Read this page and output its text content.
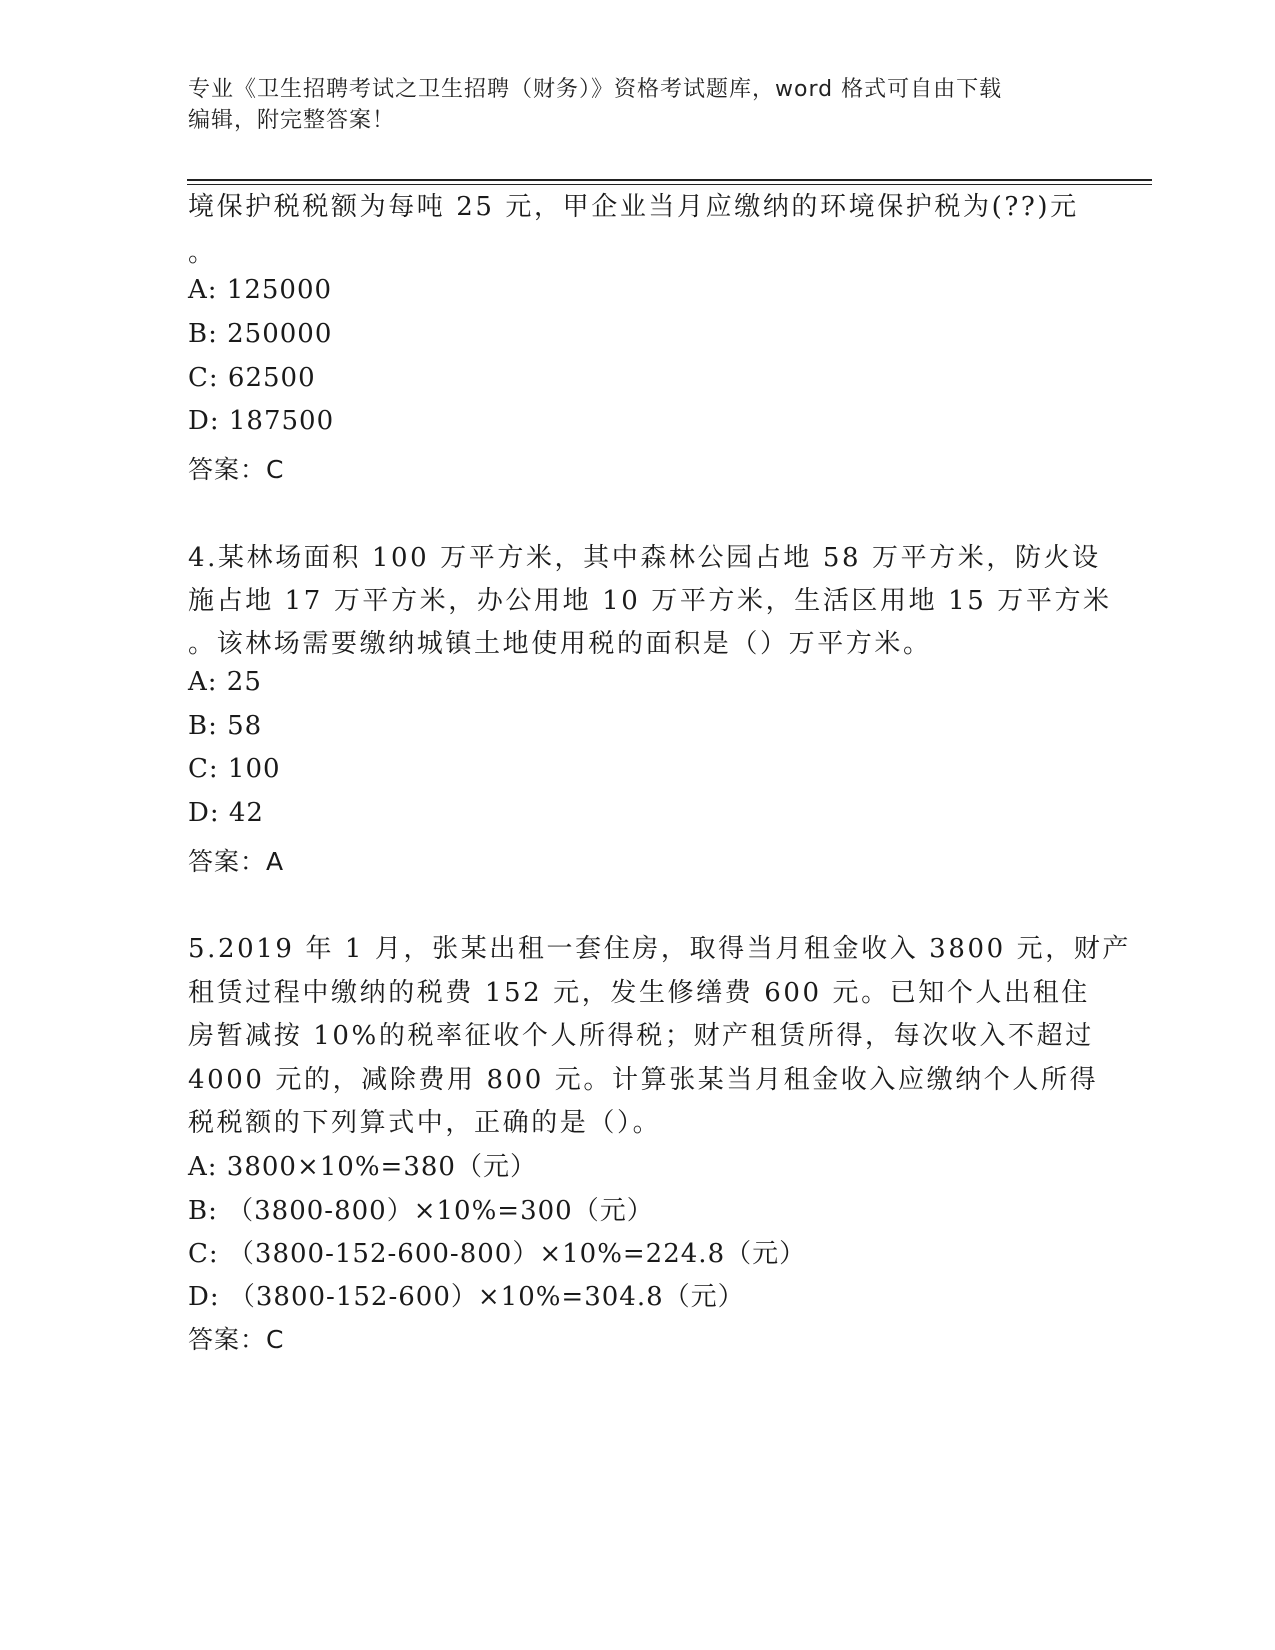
专业《卫生招聘考试之卫生招聘（财务）》资格考试题库，word 格式可自由下载
编辑，附完整答案！
境保护税税额为每吨 25 元，甲企业当月应缴纳的环境保护税为(??)元
。
A: 125000
B: 250000
C: 62500
D: 187500
答案：C
4.某林场面积 100 万平方米，其中森林公园占地 58 万平方米，防火设
施占地 17 万平方米，办公用地 10 万平方米，生活区用地 15 万平方米
。该林场需要缴纳城镇土地使用税的面积是（）万平方米。
A: 25
B: 58
C: 100
D: 42
答案：A
5.2019 年 1 月，张某出租一套住房，取得当月租金收入 3800 元，财产
租赁过程中缴纳的税费 152 元，发生修缮费 600 元。已知个人出租住
房暂减按 10%的税率征收个人所得税；财产租赁所得，每次收入不超过
4000 元的，减除费用 800 元。计算张某当月租金收入应缴纳个人所得
税税额的下列算式中，正确的是（）。
A: 3800×10%=380（元）
B: （3800-800）×10%=300（元）
C: （3800-152-600-800）×10%=224.8（元）
D: （3800-152-600）×10%=304.8（元）
答案：C
